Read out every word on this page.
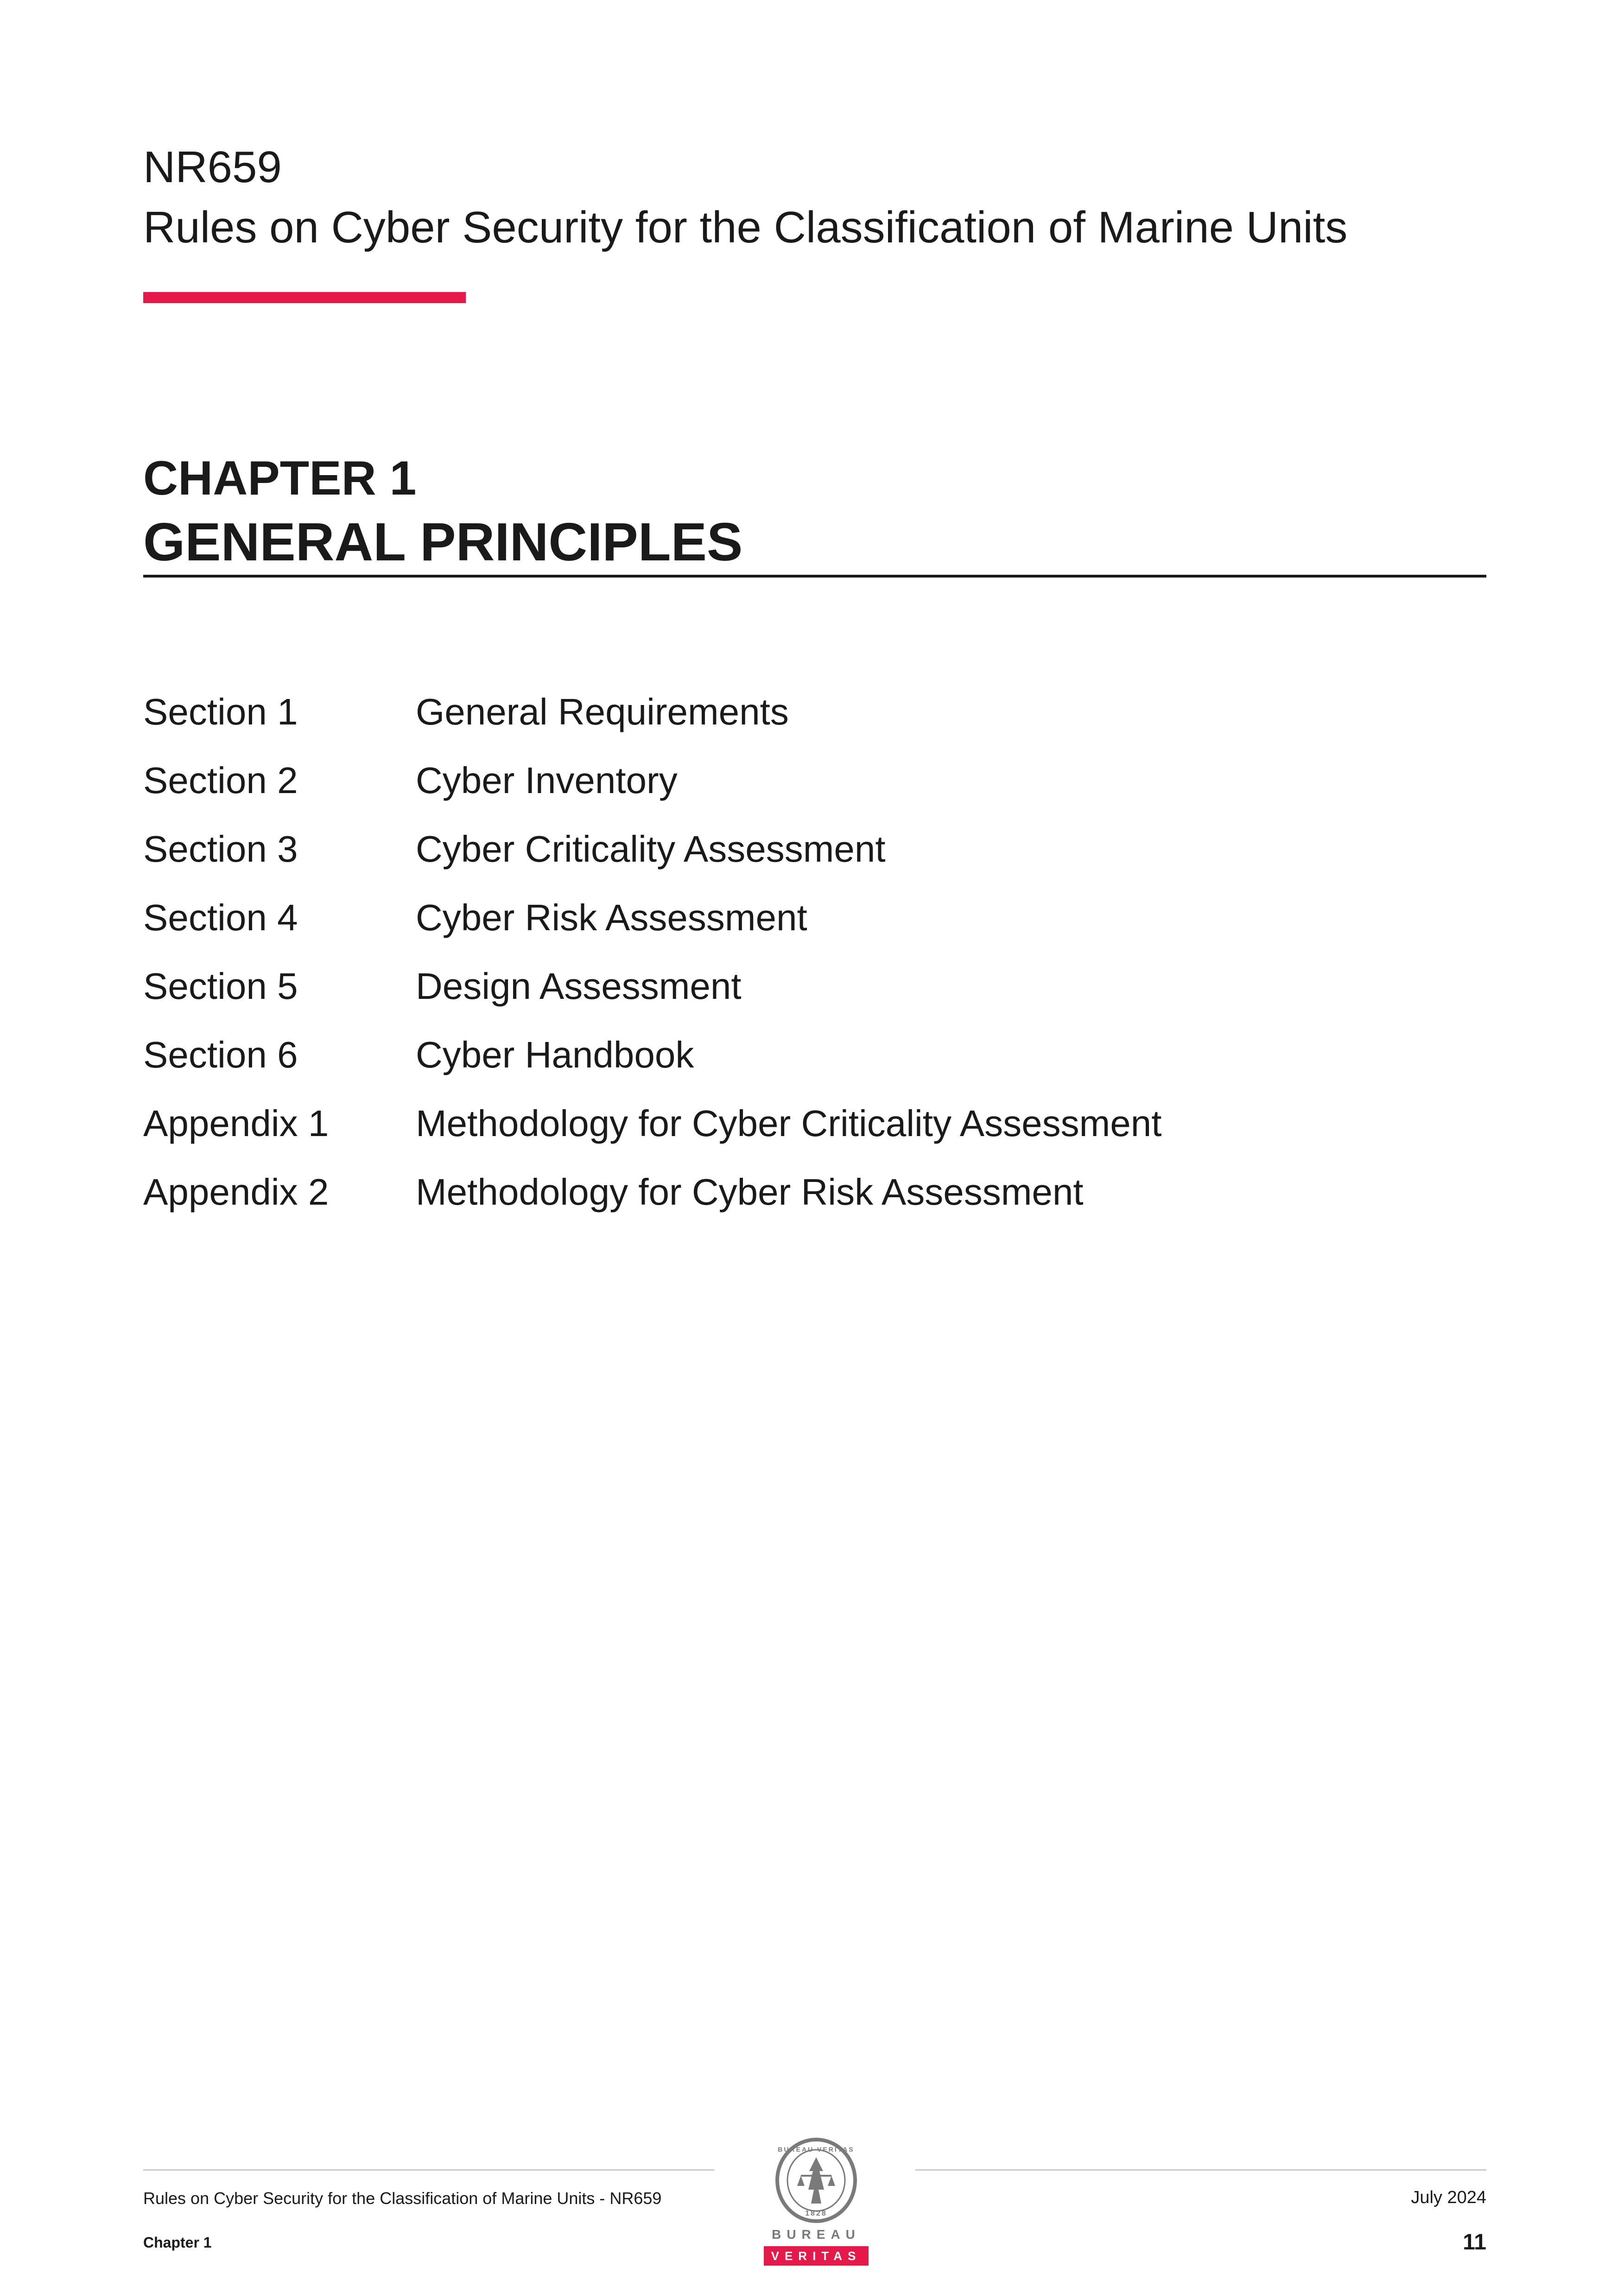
NR659
Rules on Cyber Security for the Classification of Marine Units
CHAPTER 1
GENERAL PRINCIPLES
Section 1	General Requirements
Section 2	Cyber Inventory
Section 3	Cyber Criticality Assessment
Section 4	Cyber Risk Assessment
Section 5	Design Assessment
Section 6	Cyber Handbook
Appendix 1	Methodology for Cyber Criticality Assessment
Appendix 2	Methodology for Cyber Risk Assessment
Rules on Cyber Security for the Classification of Marine Units - NR659
Chapter 1
July 2024
11
BUREAU VERITAS
1828
BUREAU
VERITAS
